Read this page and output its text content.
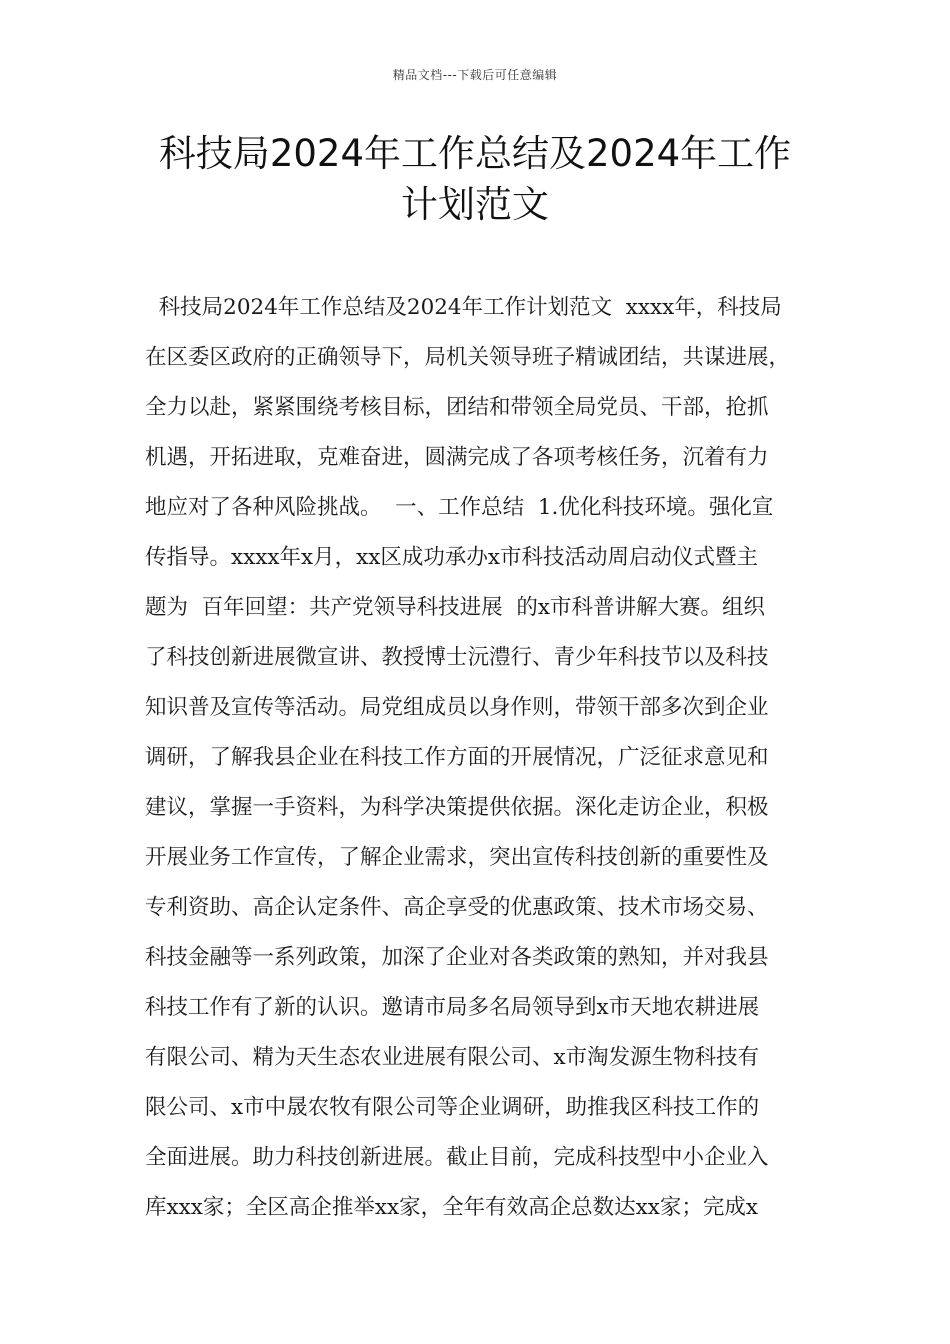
精品文档---下载后可任意编辑
科技局2024年工作总结及2024年工作
计划范文
科技局2024年工作总结及2024年工作计划范文  xxxx年，科技局
在区委区政府的正确领导下，局机关领导班子精诚团结，共谋进展，
全力以赴，紧紧围绕考核目标，团结和带领全局党员、干部，抢抓
机遇，开拓进取，克难奋进，圆满完成了各项考核任务，沉着有力
地应对了各种风险挑战。  一、工作总结  1.优化科技环境。强化宣
传指导。xxxx年x月，xx区成功承办x市科技活动周启动仪式暨主
题为  百年回望：共产党领导科技进展  的x市科普讲解大赛。组织
了科技创新进展微宣讲、教授博士沅澧行、青少年科技节以及科技
知识普及宣传等活动。局党组成员以身作则，带领干部多次到企业
调研，了解我县企业在科技工作方面的开展情况，广泛征求意见和
建议，掌握一手资料，为科学决策提供依据。深化走访企业，积极
开展业务工作宣传，了解企业需求，突出宣传科技创新的重要性及
专利资助、高企认定条件、高企享受的优惠政策、技术市场交易、
科技金融等一系列政策，加深了企业对各类政策的熟知，并对我县
科技工作有了新的认识。邀请市局多名局领导到x市天地农耕进展
有限公司、精为天生态农业进展有限公司、x市淘发源生物科技有
限公司、x市中晟农牧有限公司等企业调研，助推我区科技工作的
全面进展。助力科技创新进展。截止目前，完成科技型中小企业入
库xxx家；全区高企推举xx家，全年有效高企总数达xx家；完成x
